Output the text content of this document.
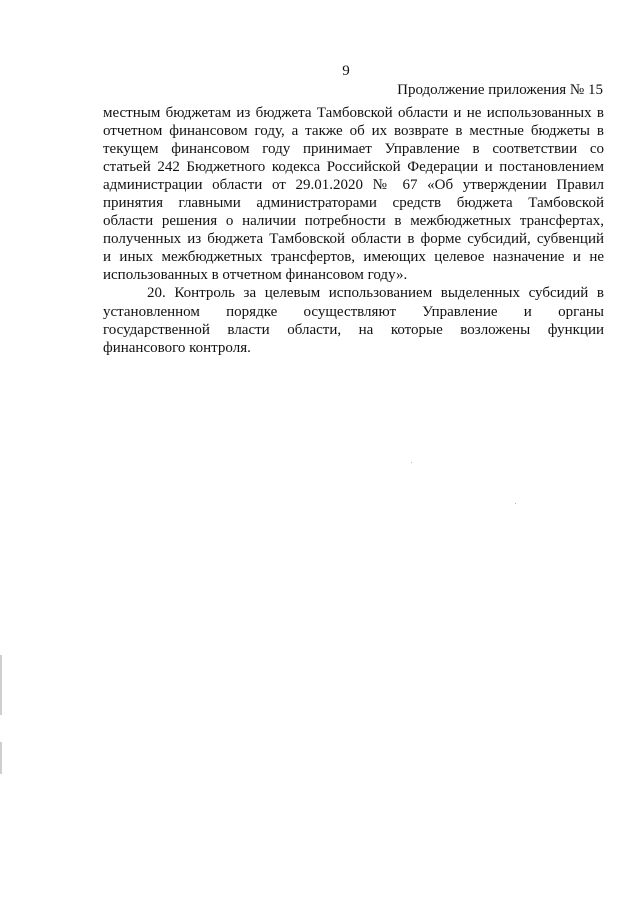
9
Продолжение приложения № 15

местным бюджетам из бюджета Тамбовской области и не использованных в
отчетном финансовом году, а также об их возврате в местные бюджеты в
текущем финансовом году принимает Управление в соответствии со
статьей 242 Бюджетного кодекса Российской Федерации и постановлением
администрации области от 29.01.2020 № 67 «Об утверждении Правил
принятия главными администраторами средств бюджета Тамбовской
области решения о наличии потребности в межбюджетных трансфертах,
полученных из бюджета Тамбовской области в форме субсидий, субвенций
и иных межбюджетных трансфертов, имеющих целевое назначение и не
использованных в отчетном финансовом году».

20. Контроль за целевым использованием выделенных субсидий в
установленном порядке осуществляют Управление и органы
государственной власти области, на которые возложены функции
финансового контроля.
